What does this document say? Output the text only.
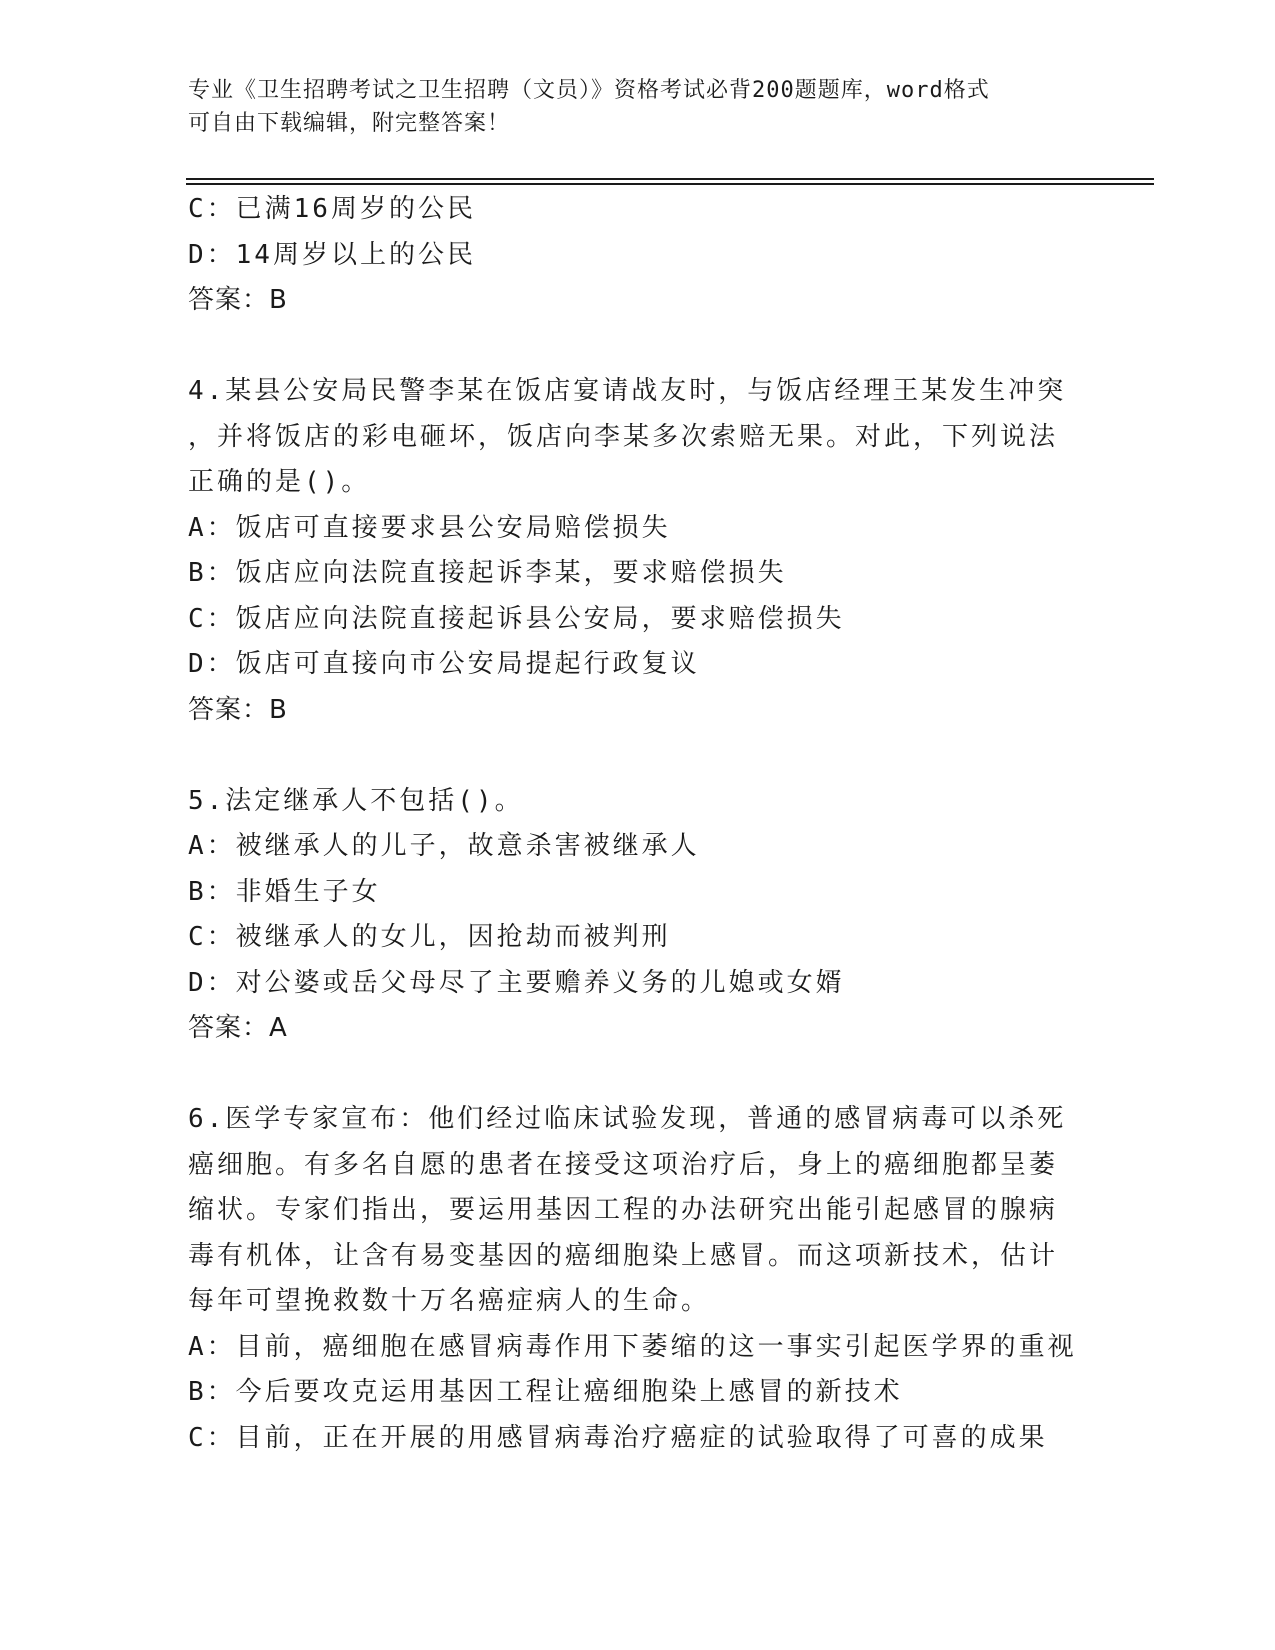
专业《卫生招聘考试之卫生招聘（文员）》资格考试必背200题题库，word格式
可自由下载编辑，附完整答案！
C：已满16周岁的公民
D：14周岁以上的公民
答案：B
4.某县公安局民警李某在饭店宴请战友时，与饭店经理王某发生冲突
，并将饭店的彩电砸坏，饭店向李某多次索赔无果。对此，下列说法
正确的是()。
A：饭店可直接要求县公安局赔偿损失
B：饭店应向法院直接起诉李某，要求赔偿损失
C：饭店应向法院直接起诉县公安局，要求赔偿损失
D：饭店可直接向市公安局提起行政复议
答案：B
5.法定继承人不包括()。
A：被继承人的儿子，故意杀害被继承人
B：非婚生子女
C：被继承人的女儿，因抢劫而被判刑
D：对公婆或岳父母尽了主要赡养义务的儿媳或女婿
答案：A
6.医学专家宣布：他们经过临床试验发现，普通的感冒病毒可以杀死
癌细胞。有多名自愿的患者在接受这项治疗后，身上的癌细胞都呈萎
缩状。专家们指出，要运用基因工程的办法研究出能引起感冒的腺病
毒有机体，让含有易变基因的癌细胞染上感冒。而这项新技术，估计
每年可望挽救数十万名癌症病人的生命。
A：目前，癌细胞在感冒病毒作用下萎缩的这一事实引起医学界的重视
B：今后要攻克运用基因工程让癌细胞染上感冒的新技术
C：目前，正在开展的用感冒病毒治疗癌症的试验取得了可喜的成果
